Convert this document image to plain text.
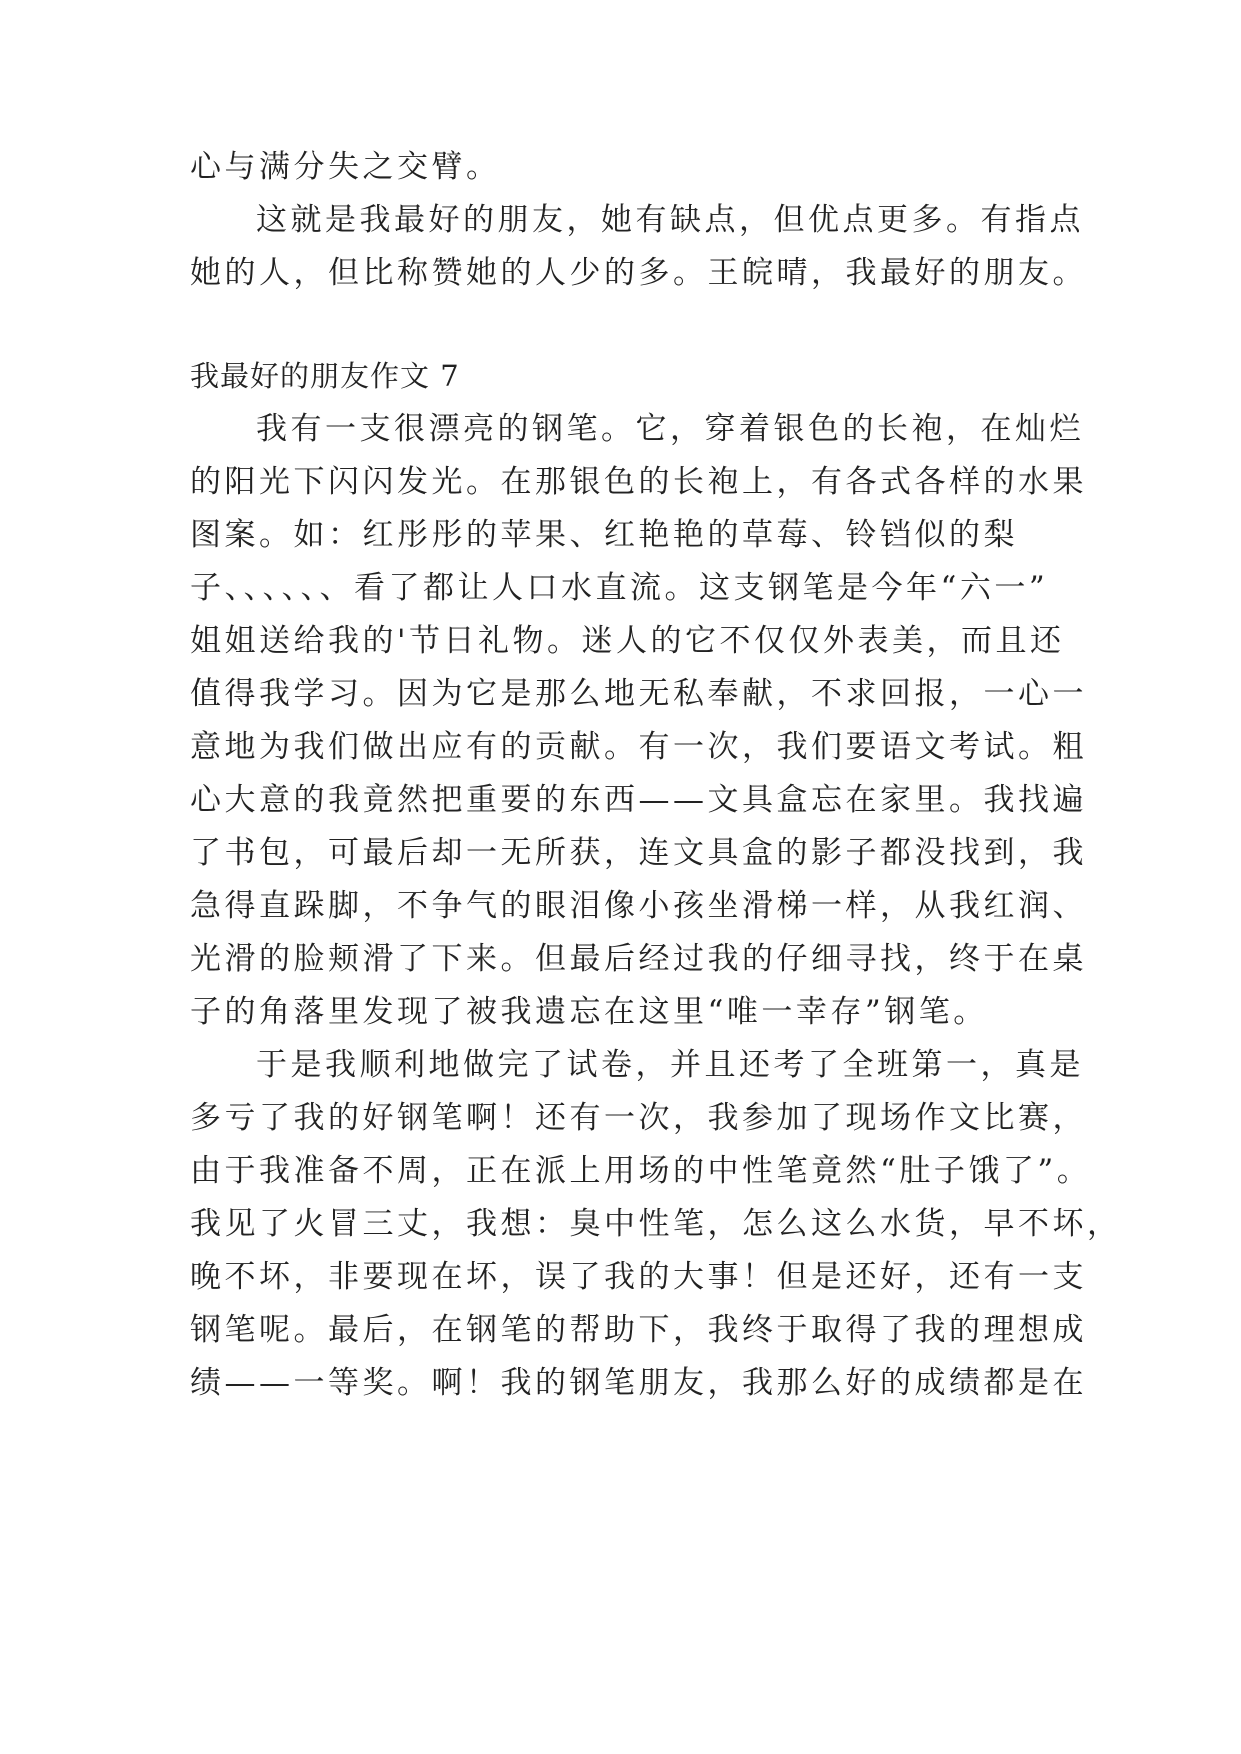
心与满分失之交臂。
这就是我最好的朋友，她有缺点，但优点更多。有指点
她的人，但比称赞她的人少的多。王皖晴，我最好的朋友。
我最好的朋友作文 7
我有一支很漂亮的钢笔。它，穿着银色的长袍，在灿烂
的阳光下闪闪发光。在那银色的长袍上，有各式各样的水果
图案。如：红彤彤的苹果、红艳艳的草莓、铃铛似的梨
子、、、、、、看了都让人口水直流。这支钢笔是今年“六一”
姐姐送给我的'节日礼物。迷人的它不仅仅外表美，而且还
值得我学习。因为它是那么地无私奉献，不求回报，一心一
意地为我们做出应有的贡献。有一次，我们要语文考试。粗
心大意的我竟然把重要的东西——文具盒忘在家里。我找遍
了书包，可最后却一无所获，连文具盒的影子都没找到，我
急得直跺脚，不争气的眼泪像小孩坐滑梯一样，从我红润、
光滑的脸颊滑了下来。但最后经过我的仔细寻找，终于在桌
子的角落里发现了被我遗忘在这里“唯一幸存”钢笔。
于是我顺利地做完了试卷，并且还考了全班第一，真是
多亏了我的好钢笔啊！还有一次，我参加了现场作文比赛，
由于我准备不周，正在派上用场的中性笔竟然“肚子饿了”。
我见了火冒三丈，我想：臭中性笔，怎么这么水货，早不坏，
晚不坏，非要现在坏，误了我的大事！但是还好，还有一支
钢笔呢。最后，在钢笔的帮助下，我终于取得了我的理想成
绩——一等奖。啊！我的钢笔朋友，我那么好的成绩都是在
